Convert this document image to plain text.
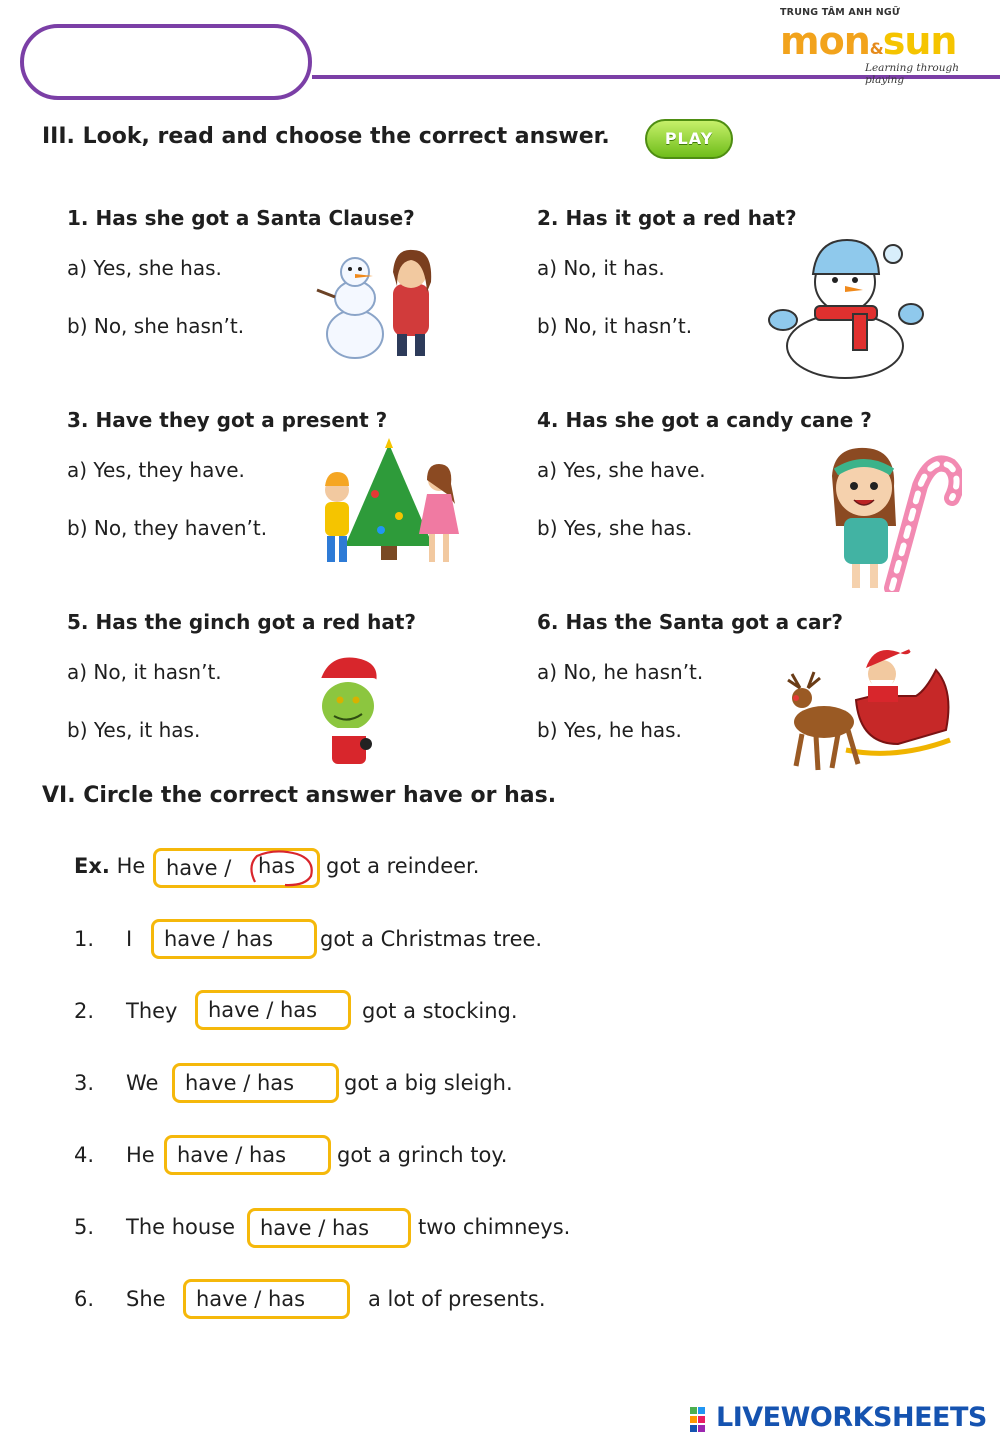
TRUNG TÂM ANH NGỮ
mon&sun
Learning through playing
III. Look, read and choose the correct answer.	PLAY
1. Has she got a Santa Clause?
a) Yes, she has.
b) No, she hasn’t.
2. Has it got a red hat?
a) No, it has.
b) No, it hasn’t.
3. Have they got a present ?
a) Yes, they have.
b) No, they haven’t.
4. Has she got a candy cane ?
a) Yes, she have.
b) Yes, she has.
5. Has the ginch got a red hat?
a) No, it hasn’t.
b) Yes, it has.
6. Has the Santa got a car?
a) No, he hasn’t.
b) Yes, he has.
VI. Circle the correct answer have or has.
Ex. He have /	has got a reindeer.
1. I	have / has	got a Christmas tree.
2. They	have / has	got a stocking.
3. We	have / has	got a big sleigh.
4. He	have / has	got a grinch toy.
5. The house	have / has	two chimneys.
6. She	have / has	a lot of presents.
LIVEWORKSHEETS
